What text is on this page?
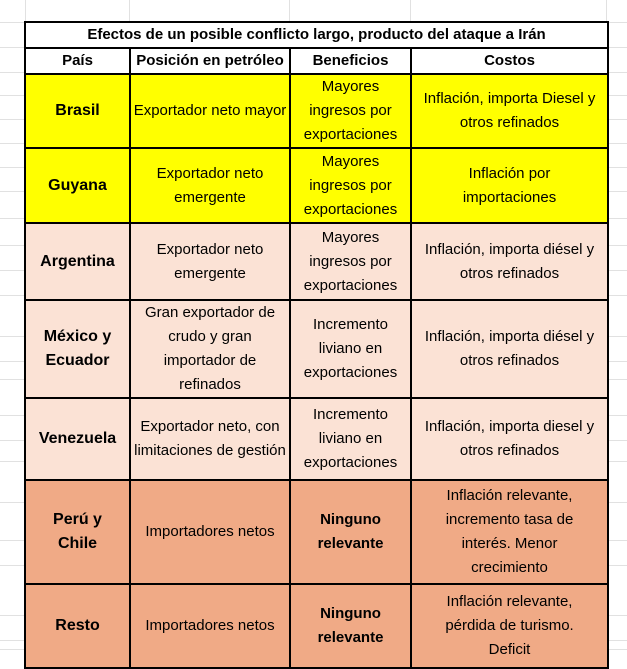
Efectos de un posible conflicto largo, producto del ataque a Irán			
País	Posición en petróleo	Beneficios	Costos
Brasil	Exportador neto mayor	Mayores ingresos por exportaciones	Inflación, importa Diesel y otros refinados
Guyana	Exportador neto emergente	Mayores ingresos por exportaciones	Inflación por importaciones
Argentina	Exportador neto emergente	Mayores ingresos por exportaciones	Inflación, importa diésel y otros refinados
México y Ecuador	Gran exportador de crudo y gran importador de refinados	Incremento liviano en exportaciones	Inflación, importa diésel y otros refinados
Venezuela	Exportador neto, con limitaciones de gestión	Incremento liviano en exportaciones	Inflación, importa diesel y otros refinados
Perú y Chile	Importadores netos	Ninguno relevante	Inflación relevante, incremento tasa de interés. Menor crecimiento
Resto	Importadores netos	Ninguno relevante	Inflación relevante, pérdida de turismo. Deficit
